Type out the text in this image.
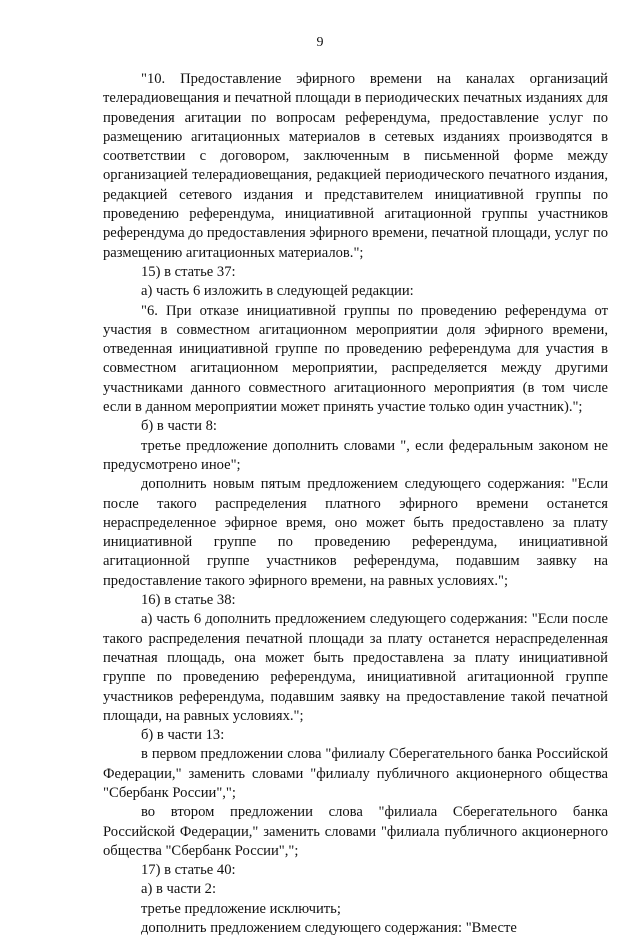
9

"10. Предоставление эфирного времени на каналах организаций телерадиовещания и печатной площади в периодических печатных изданиях для проведения агитации по вопросам референдума, предоставление услуг по размещению агитационных материалов в сетевых изданиях производятся в соответствии с договором, заключенным в письменной форме между организацией телерадиовещания, редакцией периодического печатного издания, редакцией сетевого издания и представителем инициативной группы по проведению референдума, инициативной агитационной группы участников референдума до предоставления эфирного времени, печатной площади, услуг по размещению агитационных материалов.";

15) в статье 37:

а) часть 6 изложить в следующей редакции:

"6. При отказе инициативной группы по проведению референдума от участия в совместном агитационном мероприятии доля эфирного времени, отведенная инициативной группе по проведению референдума для участия в совместном агитационном мероприятии, распределяется между другими участниками данного совместного агитационного мероприятия (в том числе если в данном мероприятии может принять участие только один участник).";

б) в части 8:

третье предложение дополнить словами ", если федеральным законом не предусмотрено иное";

дополнить новым пятым предложением следующего содержания: "Если после такого распределения платного эфирного времени останется нераспределенное эфирное время, оно может быть предоставлено за плату инициативной группе по проведению референдума, инициативной агитационной группе участников референдума, подавшим заявку на предоставление такого эфирного времени, на равных условиях.";

16) в статье 38:

а) часть 6 дополнить предложением следующего содержания: "Если после такого распределения печатной площади за плату останется нераспределенная печатная площадь, она может быть предоставлена за плату инициативной группе по проведению референдума, инициативной агитационной группе участников референдума, подавшим заявку на предоставление такой печатной площади, на равных условиях.";

б) в части 13:

в первом предложении слова "филиалу Сберегательного банка Российской Федерации," заменить словами "филиалу публичного акционерного общества "Сбербанк России",";

во втором предложении слова "филиала Сберегательного банка Российской Федерации," заменить словами "филиала публичного акционерного общества "Сбербанк России",";

17) в статье 40:

а) в части 2:

третье предложение исключить;

дополнить предложением следующего содержания: "Вместе
